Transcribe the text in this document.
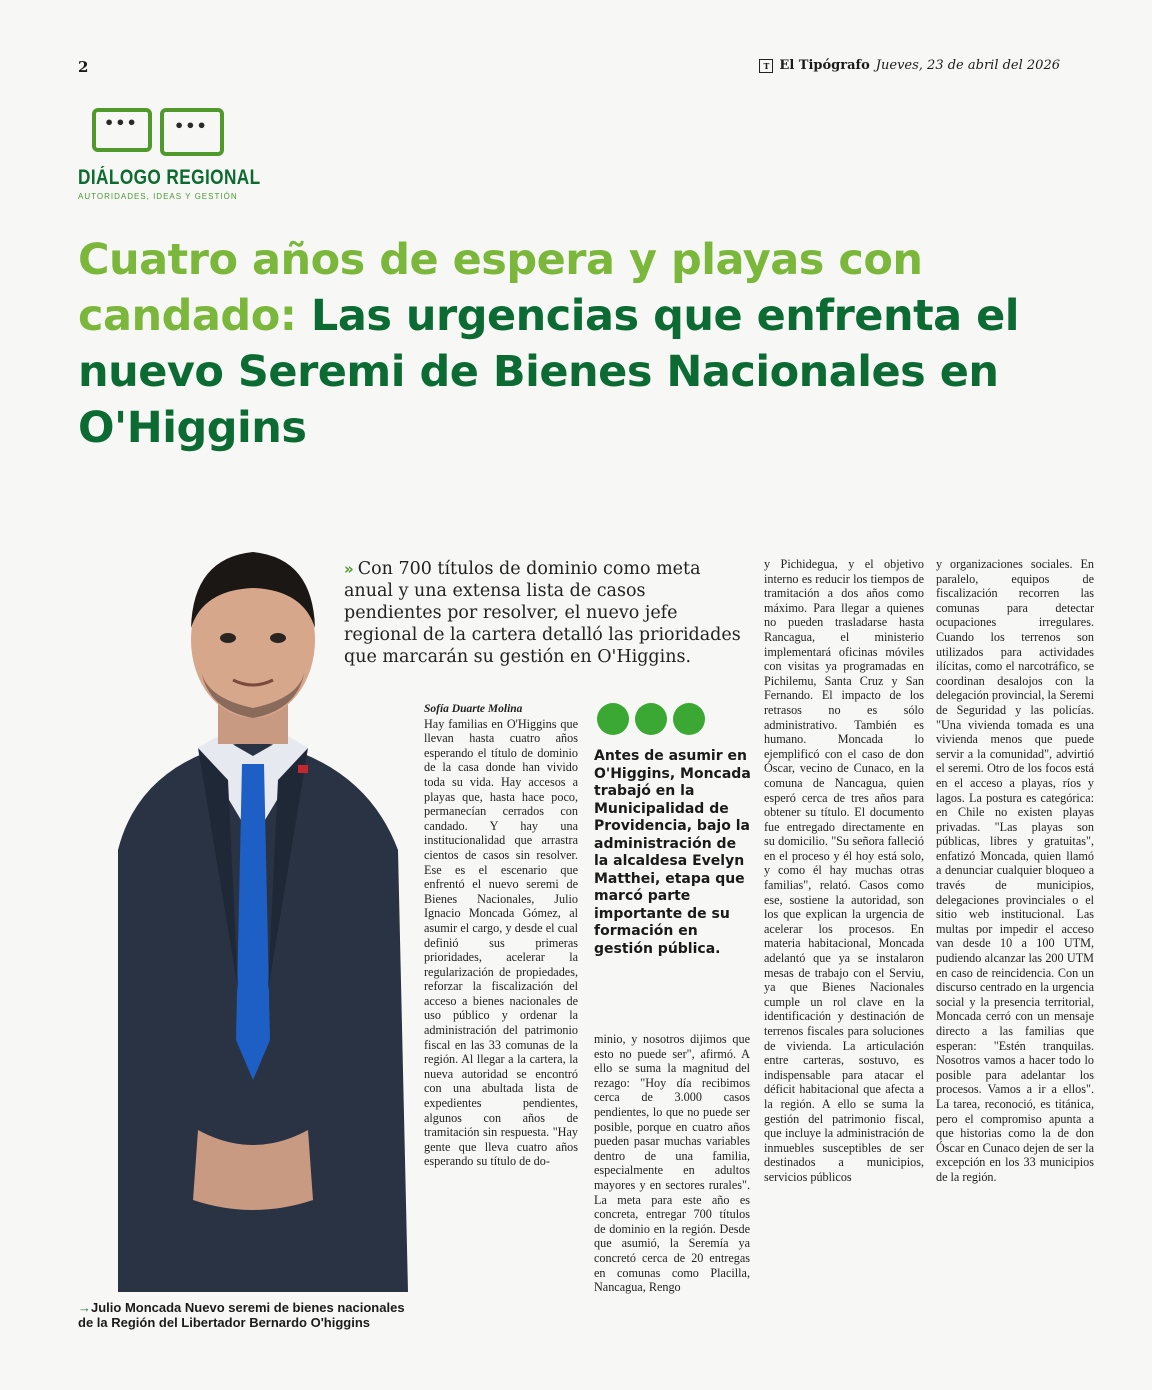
2	T El Tipógrafo Jueves, 23 de abril del 2026
••• •••
DIÁLOGO REGIONAL
AUTORIDADES, IDEAS Y GESTIÓN
Cuatro años de espera y playas con candado: Las urgencias que enfrenta el nuevo Seremi de Bienes Nacionales en O'Higgins
» Con 700 títulos de dominio como meta anual y una extensa lista de casos pendientes por resolver, el nuevo jefe regional de la cartera detalló las prioridades que marcarán su gestión en O'Higgins.
Sofía Duarte Molina

Hay familias en O'Higgins que llevan hasta cuatro años esperando el título de dominio de la casa donde han vivido toda su vida. Hay accesos a playas que, hasta hace poco, permanecían cerrados con candado. Y hay una institucionalidad que arrastra cientos de casos sin resolver. Ese es el escenario que enfrentó el nuevo seremi de Bienes Nacionales, Julio Ignacio Moncada Gómez, al asumir el cargo, y desde el cual definió sus primeras prioridades, acelerar la regularización de propiedades, reforzar la fiscalización del acceso a bienes nacionales de uso público y ordenar la administración del patrimonio fiscal en las 33 comunas de la región. Al llegar a la cartera, la nueva autoridad se encontró con una abultada lista de expedientes pendientes, algunos con años de tramitación sin respuesta. "Hay gente que lleva cuatro años esperando su título de do-

Antes de asumir en O'Higgins, Moncada trabajó en la Municipalidad de Providencia, bajo la administración de la alcaldesa Evelyn Matthei, etapa que marcó parte importante de su formación en gestión pública.

minio, y nosotros dijimos que esto no puede ser", afirmó. A ello se suma la magnitud del rezago: "Hoy día recibimos cerca de 3.000 casos pendientes, lo que no puede ser posible, porque en cuatro años pueden pasar muchas variables dentro de una familia, especialmente en adultos mayores y en sectores rurales". La meta para este año es concreta, entregar 700 títulos de dominio en la región. Desde que asumió, la Seremía ya concretó cerca de 20 entregas en comunas como Placilla, Nancagua, Rengo

y Pichidegua, y el objetivo interno es reducir los tiempos de tramitación a dos años como máximo. Para llegar a quienes no pueden trasladarse hasta Rancagua, el ministerio implementará oficinas móviles con visitas ya programadas en Pichilemu, Santa Cruz y San Fernando. El impacto de los retrasos no es sólo administrativo. También es humano. Moncada lo ejemplificó con el caso de don Óscar, vecino de Cunaco, en la comuna de Nancagua, quien esperó cerca de tres años para obtener su título. El documento fue entregado directamente en su domicilio. "Su señora falleció en el proceso y él hoy está solo, y como él hay muchas otras familias", relató. Casos como ese, sostiene la autoridad, son los que explican la urgencia de acelerar los procesos. En materia habitacional, Moncada adelantó que ya se instalaron mesas de trabajo con el Serviu, ya que Bienes Nacionales cumple un rol clave en la identificación y destinación de terrenos fiscales para soluciones de vivienda. La articulación entre carteras, sostuvo, es indispensable para atacar el déficit habitacional que afecta a la región. A ello se suma la gestión del patrimonio fiscal, que incluye la administración de inmuebles susceptibles de ser destinados a municipios, servicios públicos

y organizaciones sociales. En paralelo, equipos de fiscalización recorren las comunas para detectar ocupaciones irregulares. Cuando los terrenos son utilizados para actividades ilícitas, como el narcotráfico, se coordinan desalojos con la delegación provincial, la Seremi de Seguridad y las policías. "Una vivienda tomada es una vivienda menos que puede servir a la comunidad", advirtió el seremi. Otro de los focos está en el acceso a playas, ríos y lagos. La postura es categórica: en Chile no existen playas privadas. "Las playas son públicas, libres y gratuitas", enfatizó Moncada, quien llamó a denunciar cualquier bloqueo a través de municipios, delegaciones provinciales o el sitio web institucional. Las multas por impedir el acceso van desde 10 a 100 UTM, pudiendo alcanzar las 200 UTM en caso de reincidencia. Con un discurso centrado en la urgencia social y la presencia territorial, Moncada cerró con un mensaje directo a las familias que esperan: "Estén tranquilas. Nosotros vamos a hacer todo lo posible para adelantar los procesos. Vamos a ir a ellos". La tarea, reconoció, es titánica, pero el compromiso apunta a que historias como la de don Óscar en Cunaco dejen de ser la excepción en los 33 municipios de la región.

→Julio Moncada Nuevo seremi de bienes nacionales de la Región del Libertador Bernardo O'higgins
